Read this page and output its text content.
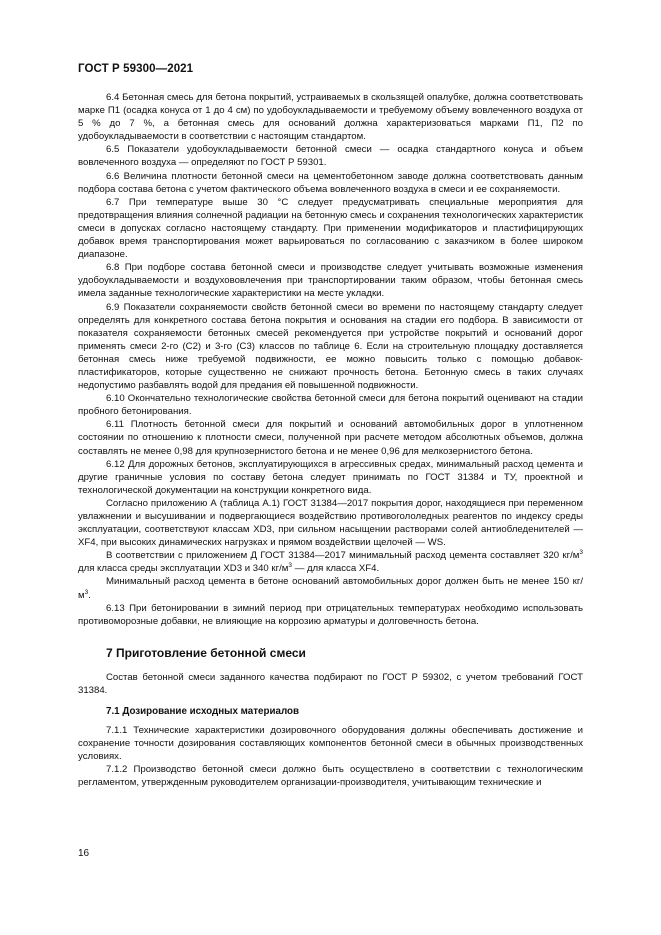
ГОСТ Р 59300—2021

6.4 Бетонная смесь для бетона покрытий, устраиваемых в скользящей опалубке, должна соответствовать марке П1 (осадка конуса от 1 до 4 см) по удобоукладываемости и требуемому объему вовлеченного воздуха от 5 % до 7 %, а бетонная смесь для оснований должна характеризоваться марками П1, П2 по удобоукладываемости в соответствии с настоящим стандартом.

6.5 Показатели удобоукладываемости бетонной смеси — осадка стандартного конуса и объем вовлеченного воздуха — определяют по ГОСТ Р 59301.

6.6 Величина плотности бетонной смеси на цементобетонном заводе должна соответствовать данным подбора состава бетона с учетом фактического объема вовлеченного воздуха в смеси и ее сохраняемости.

6.7 При температуре выше 30 °С следует предусматривать специальные мероприятия для предотвращения влияния солнечной радиации на бетонную смесь и сохранения технологических характеристик смеси в допусках согласно настоящему стандарту. При применении модификаторов и пластифицирующих добавок время транспортирования может варьироваться по согласованию с заказчиком в более широком диапазоне.

6.8 При подборе состава бетонной смеси и производстве следует учитывать возможные изменения удобоукладываемости и воздухововлечения при транспортировании таким образом, чтобы бетонная смесь имела заданные технологические характеристики на месте укладки.

6.9 Показатели сохраняемости свойств бетонной смеси во времени по настоящему стандарту следует определять для конкретного состава бетона покрытия и основания на стадии его подбора. В зависимости от показателя сохраняемости бетонных смесей рекомендуется при устройстве покрытий и оснований дорог применять смеси 2-го (С2) и 3-го (С3) классов по таблице 6. Если на строительную площадку доставляется бетонная смесь ниже требуемой подвижности, ее можно повысить только с помощью добавок-пластификаторов, которые существенно не снижают прочность бетона. Бетонную смесь в таких случаях недопустимо разбавлять водой для предания ей повышенной подвижности.

6.10 Окончательно технологические свойства бетонной смеси для бетона покрытий оценивают на стадии пробного бетонирования.

6.11 Плотность бетонной смеси для покрытий и оснований автомобильных дорог в уплотненном состоянии по отношению к плотности смеси, полученной при расчете методом абсолютных объемов, должна составлять не менее 0,98 для крупнозернистого бетона и не менее 0,96 для мелкозернистого бетона.

6.12 Для дорожных бетонов, эксплуатирующихся в агрессивных средах, минимальный расход цемента и другие граничные условия по составу бетона следует принимать по ГОСТ 31384 и ТУ, проектной и технологической документации на конструкции конкретного вида.

Согласно приложению А (таблица А.1) ГОСТ 31384—2017 покрытия дорог, находящиеся при переменном увлажнении и высушивании и подвергающиеся воздействию противогололедных реагентов по индексу среды эксплуатации, соответствуют классам XD3, при сильном насыщении растворами солей антиобледенителей — XF4, при высоких динамических нагрузках и прямом воздействии щелочей — WS.

В соответствии с приложением Д ГОСТ 31384—2017 минимальный расход цемента составляет 320 $кг/м^3$ для класса среды эксплуатации XD3 и 340 $кг/м^3$ — для класса XF4.

Минимальный расход цемента в бетоне оснований автомобильных дорог должен быть не менее 150 $кг/м^3$.

6.13 При бетонировании в зимний период при отрицательных температурах необходимо использовать противоморозные добавки, не влияющие на коррозию арматуры и долговечность бетона.

7 Приготовление бетонной смеси

Состав бетонной смеси заданного качества подбирают по ГОСТ Р 59302, с учетом требований ГОСТ 31384.

7.1 Дозирование исходных материалов

7.1.1 Технические характеристики дозировочного оборудования должны обеспечивать достижение и сохранение точности дозирования составляющих компонентов бетонной смеси в обычных производственных условиях.

7.1.2 Производство бетонной смеси должно быть осуществлено в соответствии с технологическим регламентом, утвержденным руководителем организации-производителя, учитывающим технические и

16
